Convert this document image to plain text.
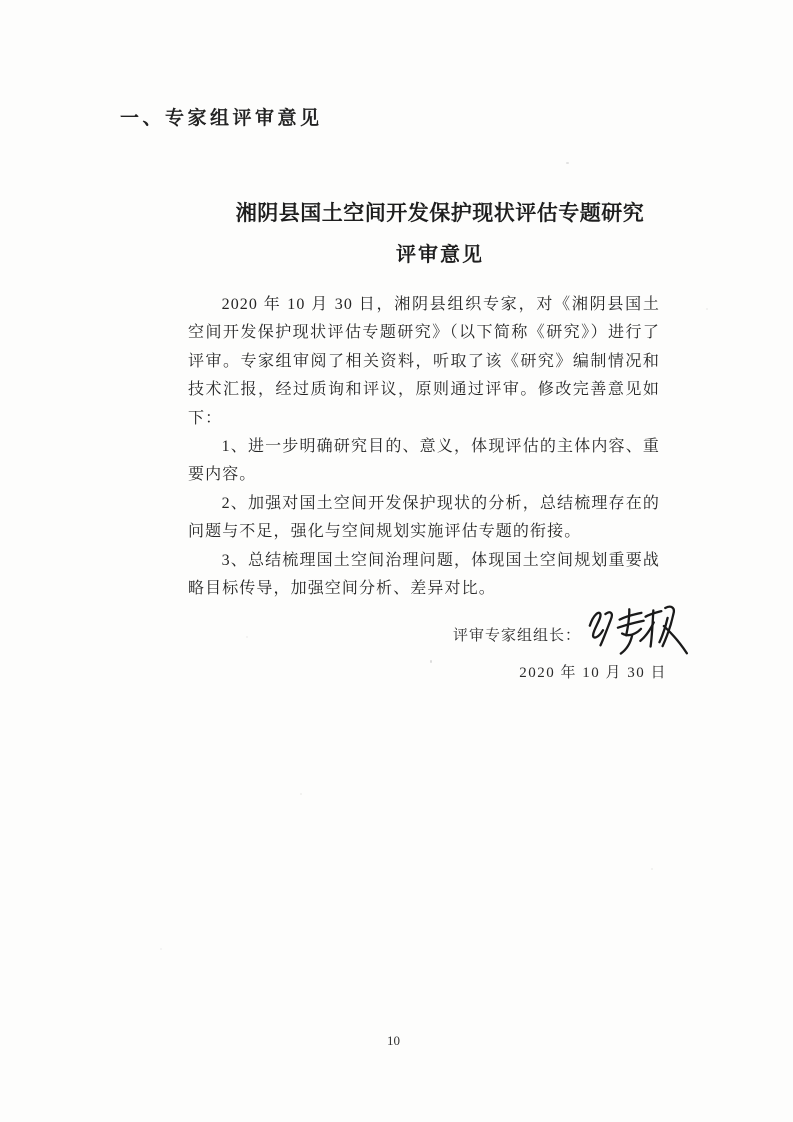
一、专家组评审意见
湘阴县国土空间开发保护现状评估专题研究
评审意见

2020 年 10 月 30 日，湘阴县组织专家，对《湘阴县国土空间开发保护现状评估专题研究》（以下简称《研究》）进行了评审。专家组审阅了相关资料，听取了该《研究》编制情况和技术汇报，经过质询和评议，原则通过评审。修改完善意见如下：

1、进一步明确研究目的、意义，体现评估的主体内容、重要内容。

2、加强对国土空间开发保护现状的分析，总结梳理存在的问题与不足，强化与空间规划实施评估专题的衔接。

3、总结梳理国土空间治理问题，体现国土空间规划重要战略目标传导，加强空间分析、差异对比。

评审专家组组长：
2020 年 10 月 30 日
10
